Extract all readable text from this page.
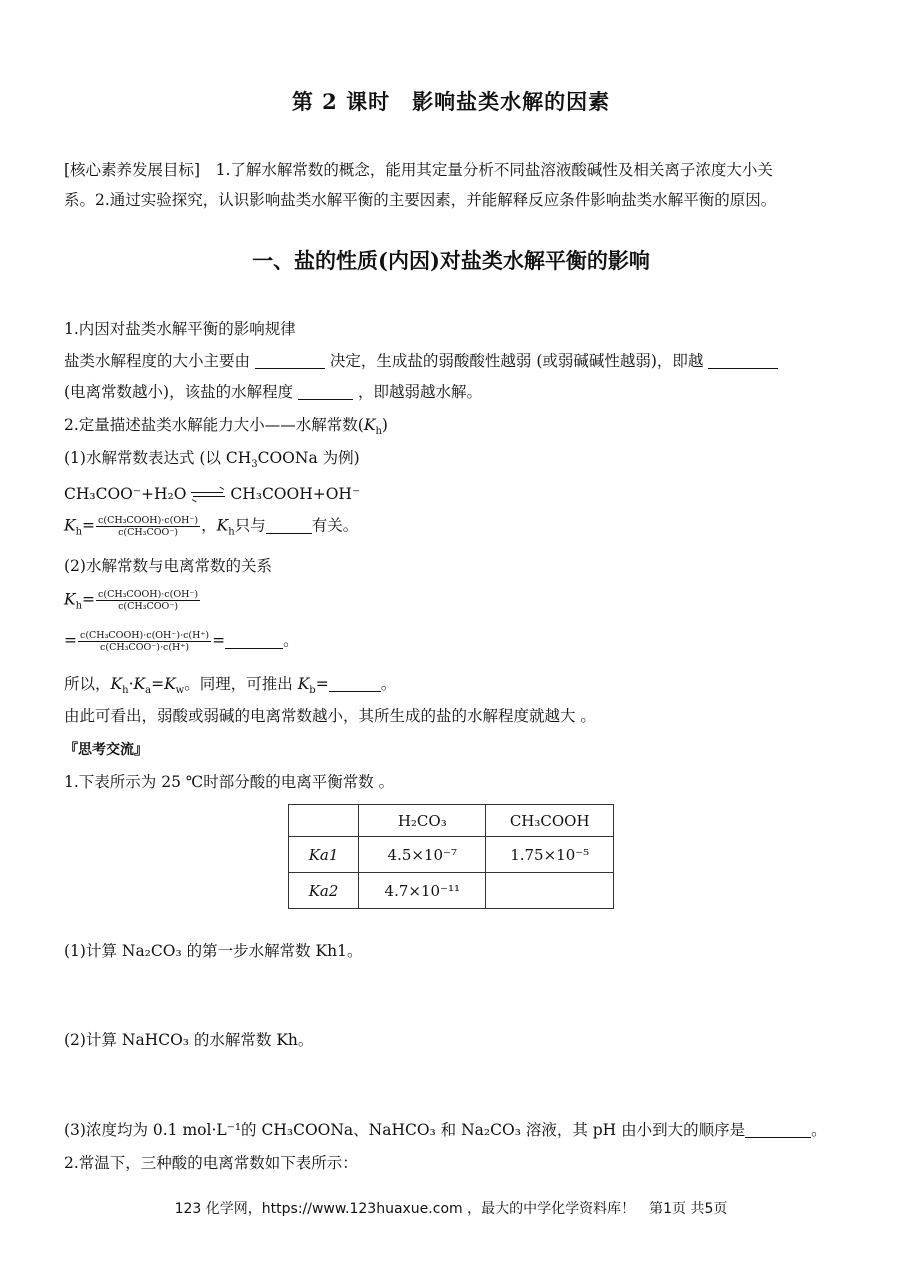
第 2 课时　影响盐类水解的因素
[核心素养发展目标]　1.了解水解常数的概念，能用其定量分析不同盐溶液酸碱性及相关离子浓度大小关
系。2.通过实验探究，认识影响盐类水解平衡的主要因素，并能解释反应条件影响盐类水解平衡的原因。
一、盐的性质(内因)对盐类水解平衡的影响
1.内因对盐类水解平衡的影响规律
盐类水解程度的大小主要由	决定，生成盐的弱酸酸性越弱 (或弱碱碱性越弱)，即越
(电离常数越小)，该盐的水解程度	，即越弱越水解。
2.定量描述盐类水解能力大小——水解常数$(K_h)$
(1)水解常数表达式 (以 $CH_3COONa$ 为例)
CH₃COO⁻+H₂O ⇌ CH₃COOH+OH⁻
$K_h= \frac{\text{c(CH₃COOH)·c(OH⁻)}}{\text{c(CH₃COO⁻)}}$ ，$K_h$只与	有关。
(2)水解常数与电离常数的关系
$K_h= \frac{\text{c(CH₃COOH)·c(OH⁻)}}{\text{c(CH₃COO⁻)}}$
= $\frac{\text{c(CH₃COOH)·c(OH⁻)·c(H⁺)}}{\text{c(CH₃COO⁻)·c(H⁺)}}$ =	。
所以，$K_h\cdot K_a=K_w$。同理，可推出 $K_b=$	。
由此可看出，弱酸或弱碱的电离常数越小，其所生成的盐的水解程度就越大 。
『思考交流』
1.下表所示为 25 ℃时部分酸的电离平衡常数 。
	H₂CO₃	CH₃COOH
Ka1	4.5×10⁻⁷	1.75×10⁻⁵
Ka2	4.7×10⁻¹¹	
(1)计算 Na₂CO₃ 的第一步水解常数 Kh1。
(2)计算 NaHCO₃ 的水解常数 Kh。
(3)浓度均为 0.1 mol·L⁻¹的 CH₃COONa、NaHCO₃ 和 Na₂CO₃ 溶液，其 pH 由小到大的顺序是	。
2.常温下，三种酸的电离常数如下表所示：
123 化学网，https://www.123huaxue.com ，最大的中学化学资料库！　第1页 共5页
